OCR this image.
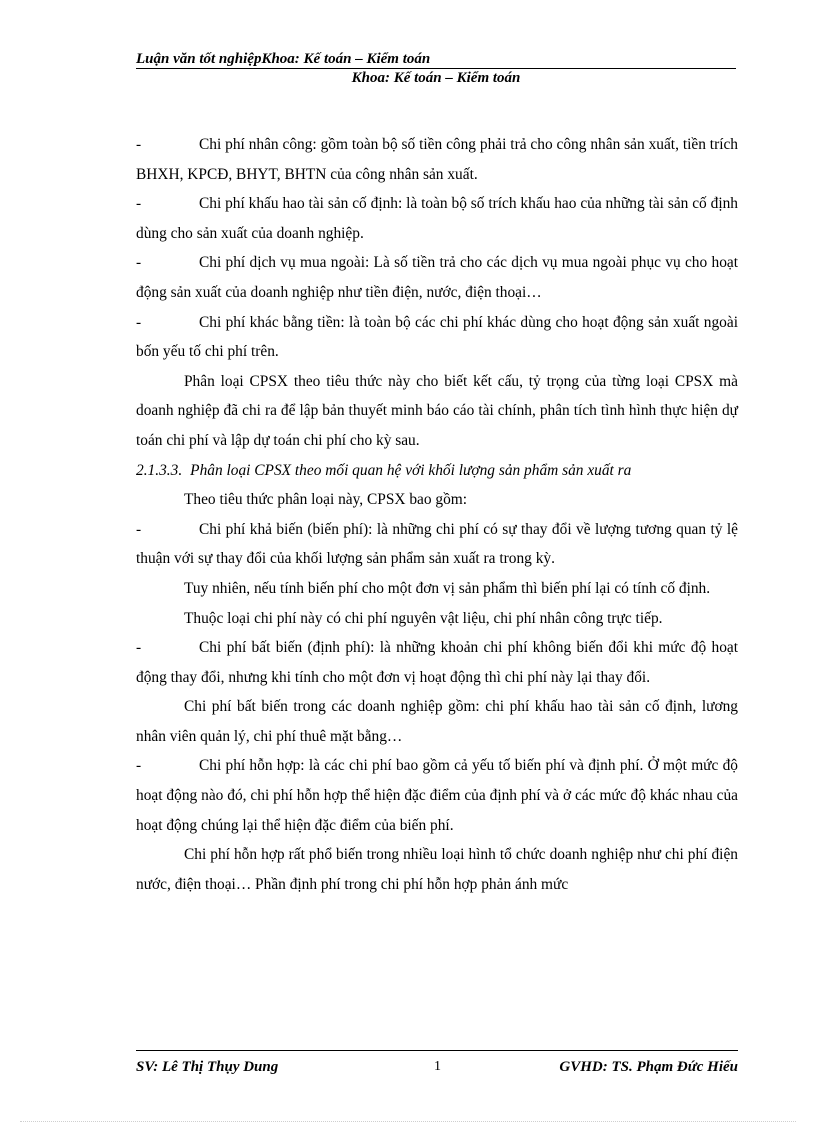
Luận văn tốt nghiệpKhoa: Kế toán – Kiểm toán
Khoa: Kế toán – Kiểm toán

-	Chi phí nhân công: gồm toàn bộ số tiền công phải trả cho công nhân sản xuất, tiền trích BHXH, KPCĐ, BHYT, BHTN của công nhân sản xuất.

-	Chi phí khấu hao tài sản cố định: là toàn bộ số trích khấu hao của những tài sản cố định dùng cho sản xuất của doanh nghiệp.

-	Chi phí dịch vụ mua ngoài: Là số tiền trả cho các dịch vụ mua ngoài phục vụ cho hoạt động sản xuất của doanh nghiệp như tiền điện, nước, điện thoại…

-	Chi phí khác bằng tiền: là toàn bộ các chi phí khác dùng cho hoạt động sản xuất ngoài bốn yếu tố chi phí trên.

Phân loại CPSX theo tiêu thức này cho biết kết cấu, tỷ trọng của từng loại CPSX mà doanh nghiệp đã chi ra để lập bản thuyết minh báo cáo tài chính, phân tích tình hình thực hiện dự toán chi phí và lập dự toán chi phí cho kỳ sau.

2.1.3.3. Phân loại CPSX theo mối quan hệ với khối lượng sản phẩm sản xuất ra

Theo tiêu thức phân loại này, CPSX bao gồm:

-	Chi phí khả biến (biến phí): là những chi phí có sự thay đổi về lượng tương quan tỷ lệ thuận với sự thay đổi của khối lượng sản phẩm sản xuất ra trong kỳ.

Tuy nhiên, nếu tính biến phí cho một đơn vị sản phẩm thì biến phí lại có tính cố định.

Thuộc loại chi phí này có chi phí nguyên vật liệu, chi phí nhân công trực tiếp.

-	Chi phí bất biến (định phí): là những khoản chi phí không biến đổi khi mức độ hoạt động thay đổi, nhưng khi tính cho một đơn vị hoạt động thì chi phí này lại thay đổi.

Chi phí bất biến trong các doanh nghiệp gồm: chi phí khấu hao tài sản cố định, lương nhân viên quản lý, chi phí thuê mặt bằng…

-	Chi phí hỗn hợp: là các chi phí bao gồm cả yếu tố biến phí và định phí. Ở một mức độ hoạt động nào đó, chi phí hỗn hợp thể hiện đặc điểm của định phí và ở các mức độ khác nhau của hoạt động chúng lại thể hiện đặc điểm của biến phí.

Chi phí hỗn hợp rất phổ biến trong nhiều loại hình tổ chức doanh nghiệp như chi phí điện nước, điện thoại… Phần định phí trong chi phí hỗn hợp phản ánh mức

SV: Lê Thị Thụy Dung	1	GVHD: TS. Phạm Đức Hiếu
